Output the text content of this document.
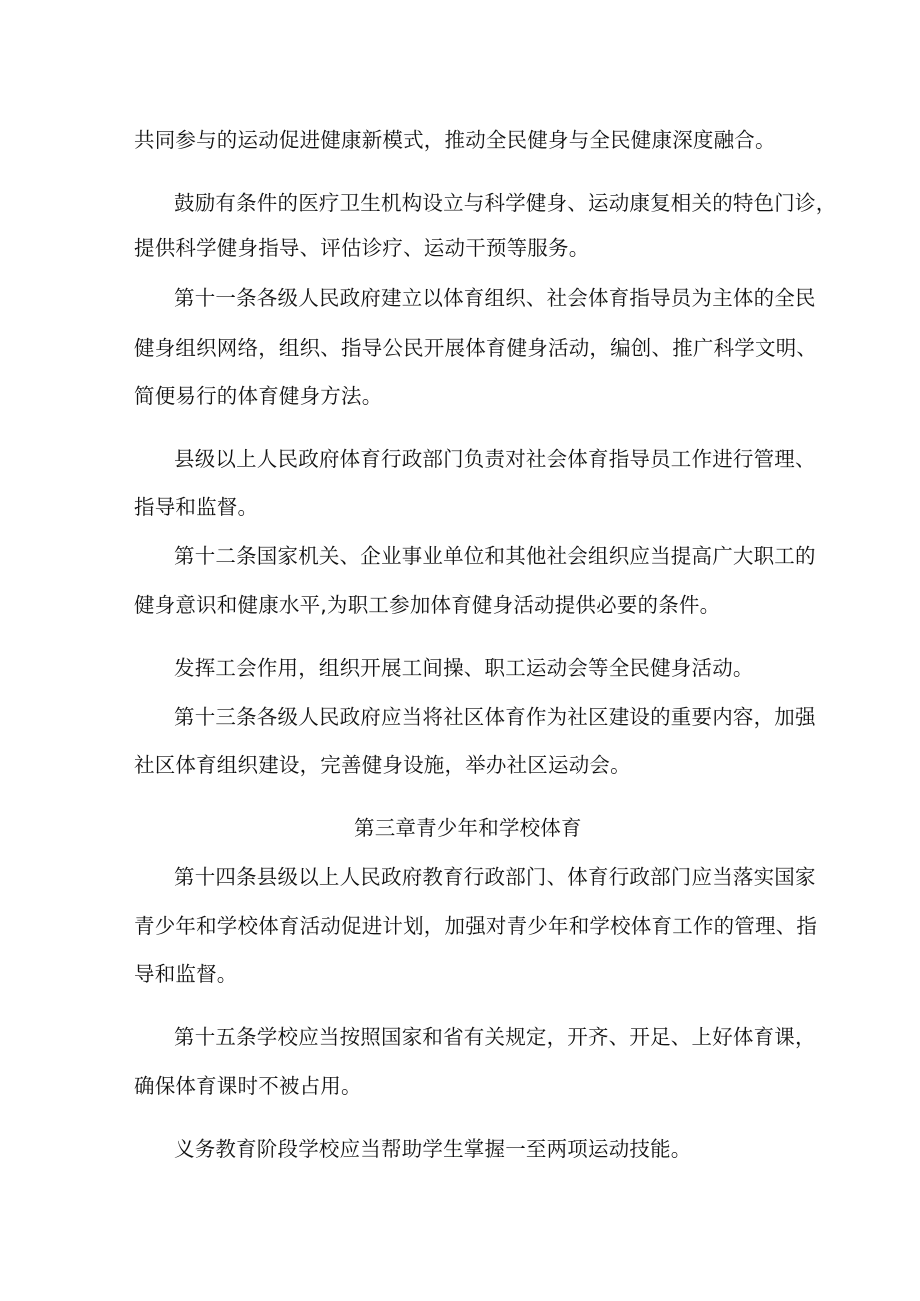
共同参与的运动促进健康新模式，推动全民健身与全民健康深度融合。
鼓励有条件的医疗卫生机构设立与科学健身、运动康复相关的特色门诊，
提供科学健身指导、评估诊疗、运动干预等服务。
第十一条各级人民政府建立以体育组织、社会体育指导员为主体的全民
健身组织网络，组织、指导公民开展体育健身活动，编创、推广科学文明、
简便易行的体育健身方法。
县级以上人民政府体育行政部门负责对社会体育指导员工作进行管理、
指导和监督。
第十二条国家机关、企业事业单位和其他社会组织应当提高广大职工的
健身意识和健康水平,为职工参加体育健身活动提供必要的条件。
发挥工会作用，组织开展工间操、职工运动会等全民健身活动。
第十三条各级人民政府应当将社区体育作为社区建设的重要内容，加强
社区体育组织建设，完善健身设施，举办社区运动会。
第三章青少年和学校体育
第十四条县级以上人民政府教育行政部门、体育行政部门应当落实国家
青少年和学校体育活动促进计划，加强对青少年和学校体育工作的管理、指
导和监督。
第十五条学校应当按照国家和省有关规定，开齐、开足、上好体育课，
确保体育课时不被占用。
义务教育阶段学校应当帮助学生掌握一至两项运动技能。
